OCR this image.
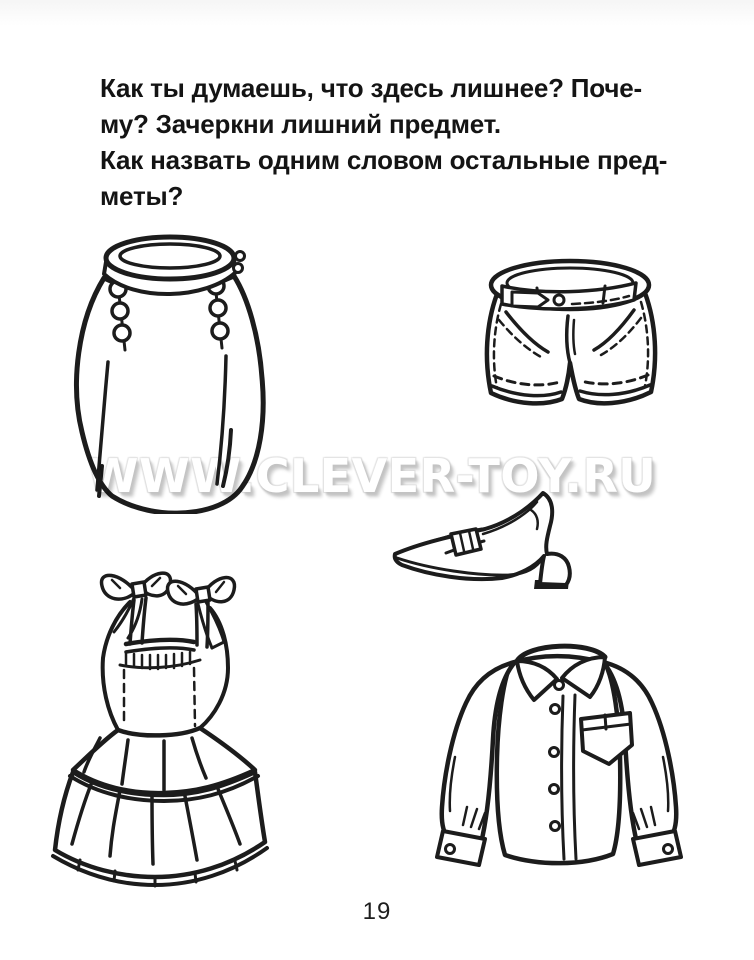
Как ты думаешь, что здесь лишнее? Поче-
му? Зачеркни лишний предмет.
Как назвать одним словом остальные пред-
меты?
WWW.CLEVER-TOY.RU
19
